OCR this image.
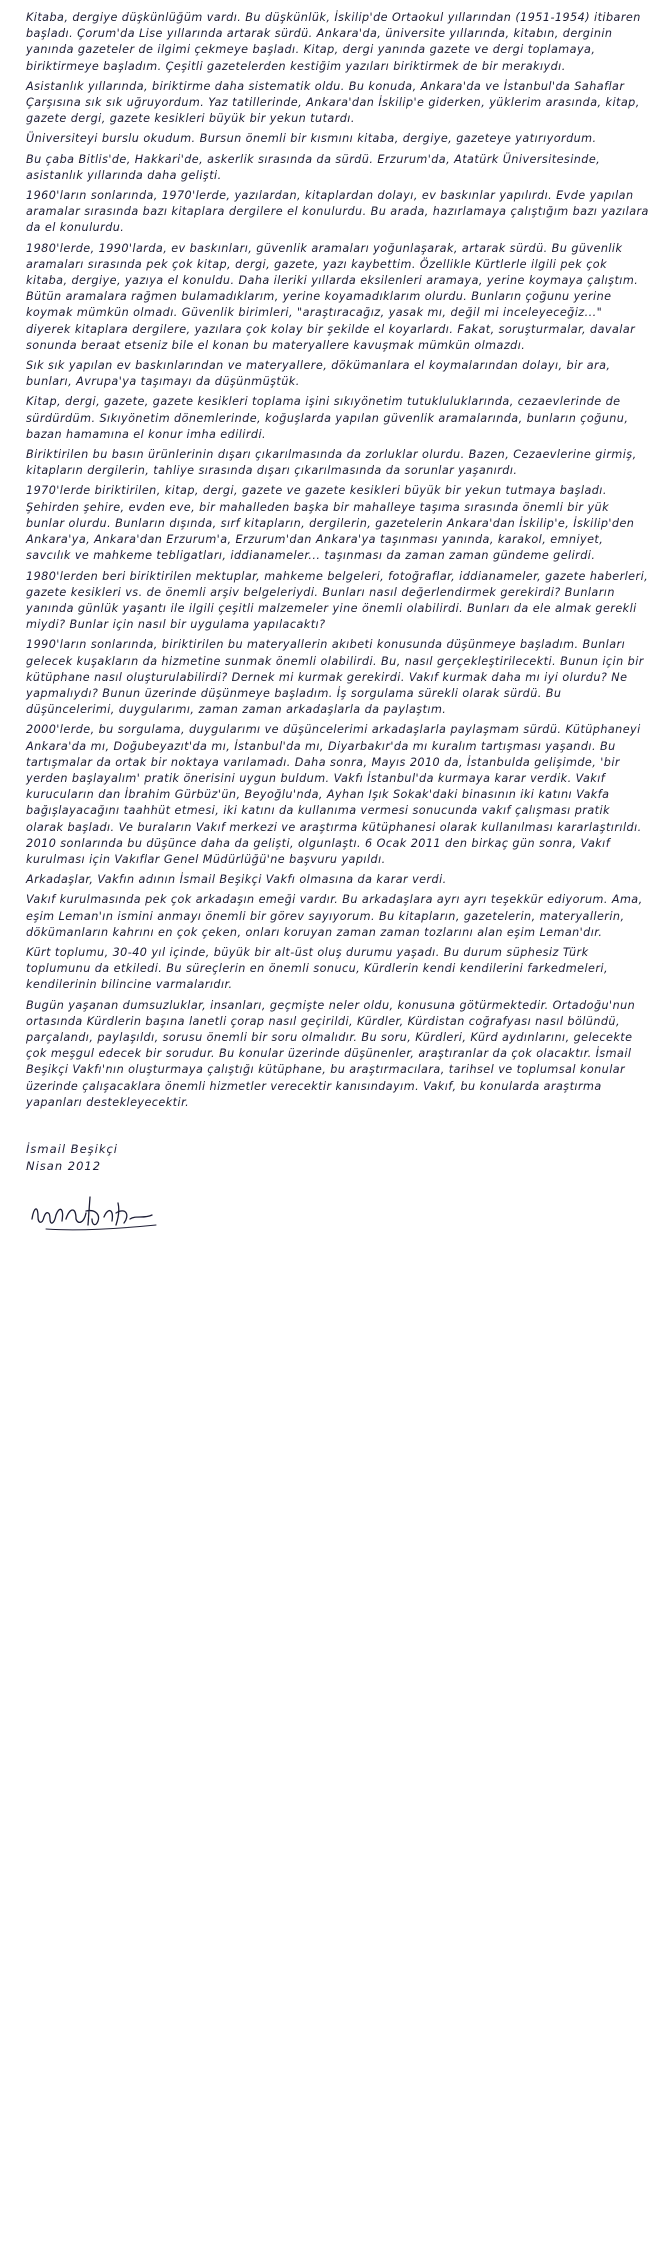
Kitaba, dergiye düşkünlüğüm vardı. Bu düşkünlük, İskilip'de Ortaokul yıllarından (1951-1954) itibaren başladı. Çorum'da Lise yıllarında artarak sürdü. Ankara'da, üniversite yıllarında, kitabın, derginin yanında gazeteler de ilgimi çekmeye başladı. Kitap, dergi yanında gazete ve dergi toplamaya, biriktirmeye başladım. Çeşitli gazetelerden kestiğim yazıları biriktirmek de bir merakıydı.

Asistanlık yıllarında, biriktirme daha sistematik oldu. Bu konuda, Ankara'da ve İstanbul'da Sahaflar Çarşısına sık sık uğruyordum. Yaz tatillerinde, Ankara'dan İskilip'e giderken, yüklerim arasında, kitap, gazete dergi, gazete kesikleri büyük bir yekun tutardı.

Üniversiteyi burslu okudum. Bursun önemli bir kısmını kitaba, dergiye, gazeteye yatırıyordum.

Bu çaba Bitlis'de, Hakkari'de, askerlik sırasında da sürdü. Erzurum'da, Atatürk Üniversitesinde, asistanlık yıllarında daha gelişti.

1960'ların sonlarında, 1970'lerde, yazılardan, kitaplardan dolayı, ev baskınlar yapılırdı. Evde yapılan aramalar sırasında bazı kitaplara dergilere el konulurdu. Bu arada, hazırlamaya çalıştığım bazı yazılara da el konulurdu.

1980'lerde, 1990'larda, ev baskınları, güvenlik aramaları yoğunlaşarak, artarak sürdü. Bu güvenlik aramaları sırasında pek çok kitap, dergi, gazete, yazı kaybettim. Özellikle Kürtlerle ilgili pek çok kitaba, dergiye, yazıya el konuldu. Daha ileriki yıllarda eksilenleri aramaya, yerine koymaya çalıştım. Bütün aramalara rağmen bulamadıklarım, yerine koyamadıklarım olurdu. Bunların çoğunu yerine koymak mümkün olmadı. Güvenlik birimleri, "araştıracağız, yasak mı, değil mi inceleyeceğiz..." diyerek kitaplara dergilere, yazılara çok kolay bir şekilde el koyarlardı. Fakat, soruşturmalar, davalar sonunda beraat etseniz bile el konan bu materyallere kavuşmak mümkün olmazdı.

Sık sık yapılan ev baskınlarından ve materyallere, dökümanlara el koymalarından dolayı, bir ara, bunları, Avrupa'ya taşımayı da düşünmüştük.

Kitap, dergi, gazete, gazete kesikleri toplama işini sıkıyönetim tutukluluklarında, cezaevlerinde de sürdürdüm. Sıkıyönetim dönemlerinde, koğuşlarda yapılan güvenlik aramalarında, bunların çoğunu, bazan hamamına el konur imha edilirdi.

Biriktirilen bu basın ürünlerinin dışarı çıkarılmasında da zorluklar olurdu. Bazen, Cezaevlerine girmiş, kitapların dergilerin, tahliye sırasında dışarı çıkarılmasında da sorunlar yaşanırdı.

1970'lerde biriktirilen, kitap, dergi, gazete ve gazete kesikleri büyük bir yekun tutmaya başladı. Şehirden şehire, evden eve, bir mahalleden başka bir mahalleye taşıma sırasında önemli bir yük bunlar olurdu. Bunların dışında, sırf kitapların, dergilerin, gazetelerin Ankara'dan İskilip'e, İskilip'den Ankara'ya, Ankara'dan Erzurum'a, Erzurum'dan Ankara'ya taşınması yanında, karakol, emniyet, savcılık ve mahkeme tebligatları, iddianameler... taşınması da zaman zaman gündeme gelirdi.

1980'lerden beri biriktirilen mektuplar, mahkeme belgeleri, fotoğraflar, iddianameler, gazete haberleri, gazete kesikleri vs. de önemli arşiv belgeleriydi. Bunları nasıl değerlendirmek gerekirdi? Bunların yanında günlük yaşantı ile ilgili çeşitli malzemeler yine önemli olabilirdi. Bunları da ele almak gerekli miydi? Bunlar için nasıl bir uygulama yapılacaktı?

1990'ların sonlarında, biriktirilen bu materyallerin akıbeti konusunda düşünmeye başladım. Bunları gelecek kuşakların da hizmetine sunmak önemli olabilirdi. Bu, nasıl gerçekleştirilecekti. Bunun için bir kütüphane nasıl oluşturulabilirdi? Dernek mi kurmak gerekirdi. Vakıf kurmak daha mı iyi olurdu? Ne yapmalıydı? Bunun üzerinde düşünmeye başladım. İş sorgulama sürekli olarak sürdü. Bu düşüncelerimi, duygularımı, zaman zaman arkadaşlarla da paylaştım.

2000'lerde, bu sorgulama, duygularımı ve düşüncelerimi arkadaşlarla paylaşmam sürdü. Kütüphaneyi Ankara'da mı, Doğubeyazıt'da mı, İstanbul'da mı, Diyarbakır'da mı kuralım tartışması yaşandı. Bu tartışmalar da ortak bir noktaya varılamadı. Daha sonra, Mayıs 2010 da, İstanbulda gelişimde, 'bir yerden başlayalım' pratik önerisini uygun buldum. Vakfı İstanbul'da kurmaya karar verdik. Vakıf kurucuların dan İbrahim Gürbüz'ün, Beyoğlu'nda, Ayhan Işık Sokak'daki binasının iki katını Vakfa bağışlayacağını taahhüt etmesi, iki katını da kullanıma vermesi sonucunda vakıf çalışması pratik olarak başladı. Ve buraların Vakıf merkezi ve araştırma kütüphanesi olarak kullanılması kararlaştırıldı. 2010 sonlarında bu düşünce daha da gelişti, olgunlaştı. 6 Ocak 2011 den birkaç gün sonra, Vakıf kurulması için Vakıflar Genel Müdürlüğü'ne başvuru yapıldı.

Arkadaşlar, Vakfın adının İsmail Beşikçi Vakfı olmasına da karar verdi.

Vakıf kurulmasında pek çok arkadaşın emeği vardır. Bu arkadaşlara ayrı ayrı teşekkür ediyorum. Ama, eşim Leman'ın ismini anmayı önemli bir görev sayıyorum. Bu kitapların, gazetelerin, materyallerin, dökümanların kahrını en çok çeken, onları koruyan zaman zaman tozlarını alan eşim Leman'dır.

Kürt toplumu, 30-40 yıl içinde, büyük bir alt-üst oluş durumu yaşadı. Bu durum süphesiz Türk toplumunu da etkiledi. Bu süreçlerin en önemli sonucu, Kürdlerin kendi kendilerini farkedmeleri, kendilerinin bilincine varmalarıdır.

Bugün yaşanan dumsuzluklar, insanları, geçmişte neler oldu, konusuna götürmektedir. Ortadoğu'nun ortasında Kürdlerin başına lanetli çorap nasıl geçirildi, Kürdler, Kürdistan coğrafyası nasıl bölündü, parçalandı, paylaşıldı, sorusu önemli bir soru olmalıdır. Bu soru, Kürdleri, Kürd aydınlarını, gelecekte çok meşgul edecek bir sorudur. Bu konular üzerinde düşünenler, araştıranlar da çok olacaktır. İsmail Beşikçi Vakfı'nın oluşturmaya çalıştığı kütüphane, bu araştırmacılara, tarihsel ve toplumsal konular üzerinde çalışacaklara önemli hizmetler verecektir kanısındayım. Vakıf, bu konularda araştırma yapanları destekleyecektir.

İsmail Beşikçi
Nisan 2012
